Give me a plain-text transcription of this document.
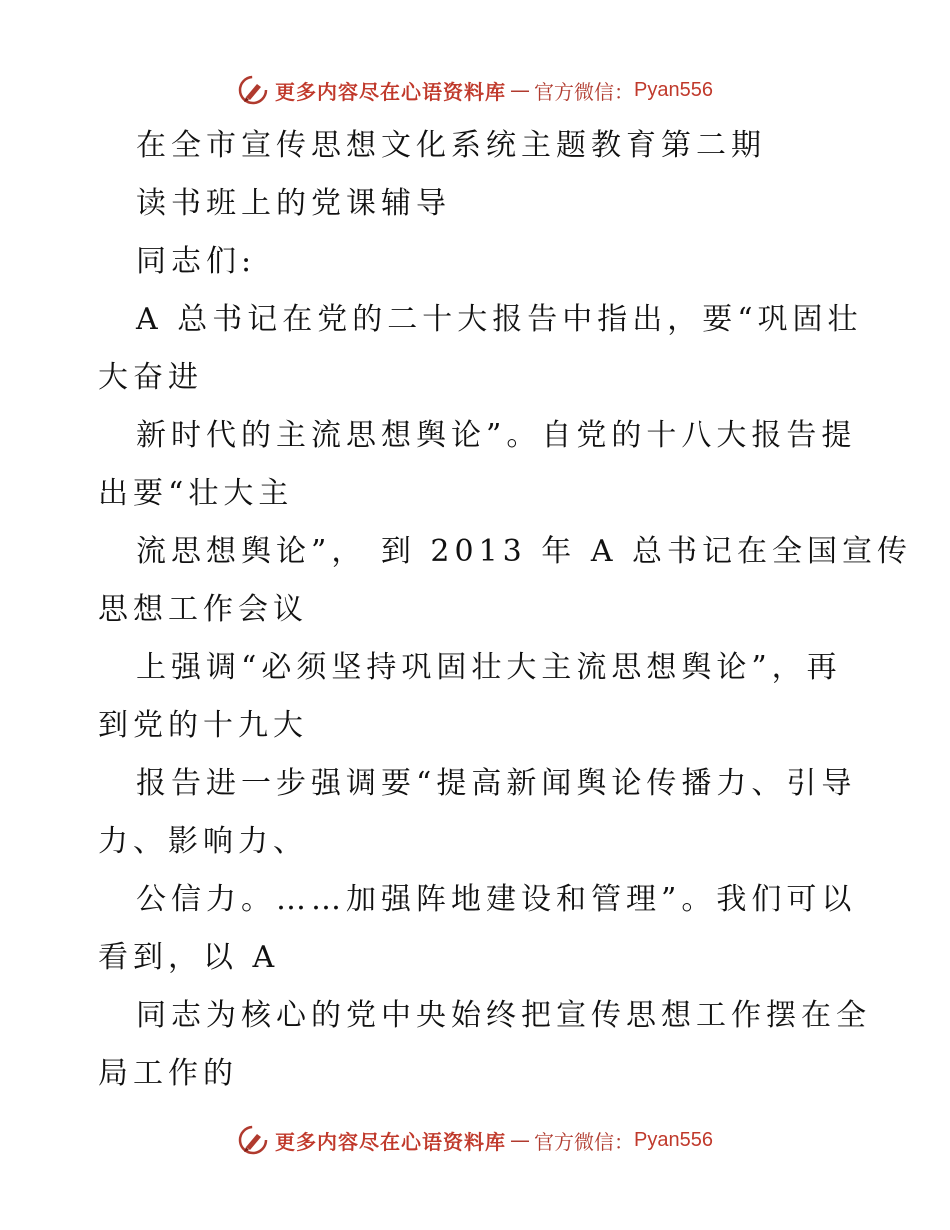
更多内容尽在心语资料库 — 官方微信： Pyan556
在全市宣传思想文化系统主题教育第二期
读书班上的党课辅导
同志们:
A 总书记在党的二十大报告中指出，要“巩固壮
大奋进
新时代的主流思想舆论”。自党的十八大报告提
出要“壮大主
流思想舆论”， 到 2013 年 A 总书记在全国宣传
思想工作会议
上强调“必须坚持巩固壮大主流思想舆论”，再
到党的十九大
报告进一步强调要“提高新闻舆论传播力、引导
力、影响力、
公信力。……加强阵地建设和管理”。我们可以
看到，以 A
同志为核心的党中央始终把宣传思想工作摆在全
局工作的
更多内容尽在心语资料库 — 官方微信： Pyan556
